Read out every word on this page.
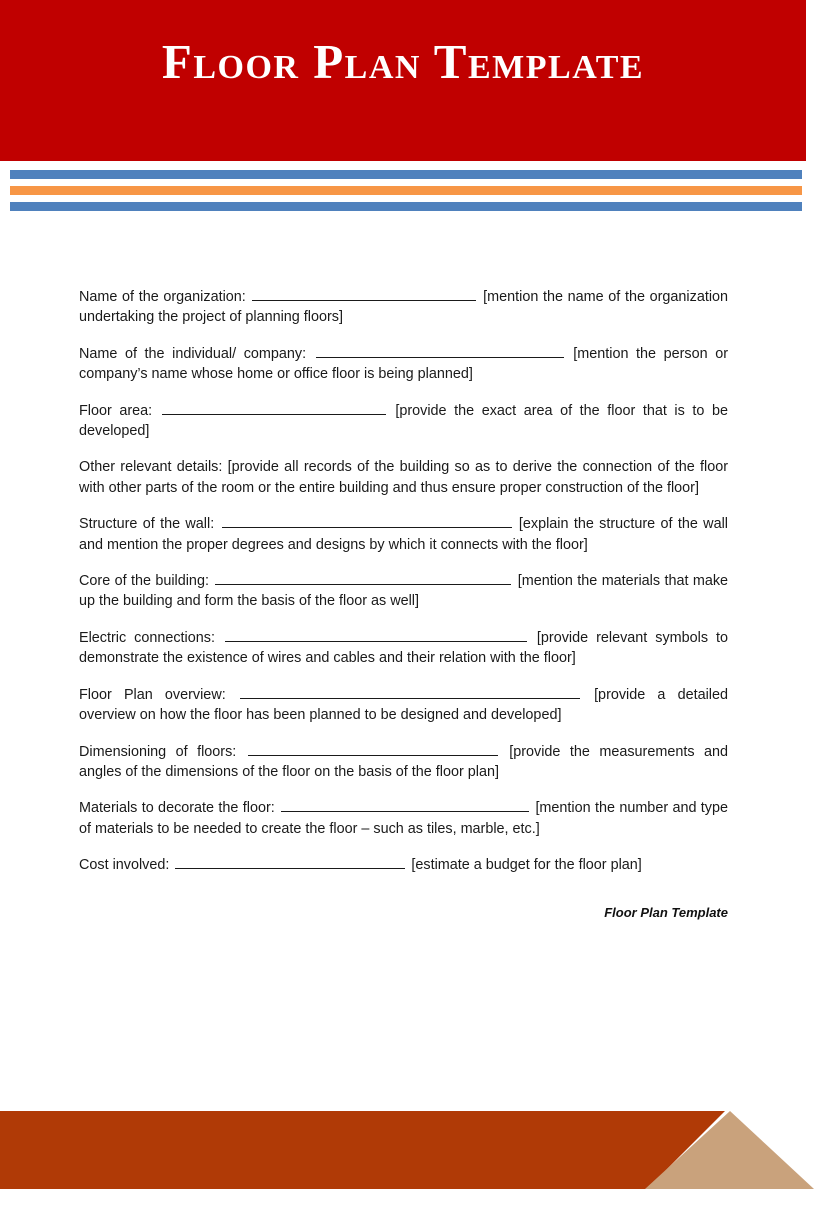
Floor Plan Template

Name of the organization:	[mention the name of the organization undertaking the project of planning floors]

Name of the individual/ company:	[mention the person or company’s name whose home or office floor is being planned]

Floor area:	[provide the exact area of the floor that is to be developed]

Other relevant details: [provide all records of the building so as to derive the connection of the floor with other parts of the room or the entire building and thus ensure proper construction of the floor]

Structure of the wall:	[explain the structure of the wall and mention the proper degrees and designs by which it connects with the floor]

Core of the building:	[mention the materials that make up the building and form the basis of the floor as well]

Electric connections:	[provide relevant symbols to demonstrate the existence of wires and cables and their relation with the floor]

Floor Plan overview:	[provide a detailed overview on how the floor has been planned to be designed and developed]

Dimensioning of floors:	[provide the measurements and angles of the dimensions of the floor on the basis of the floor plan]

Materials to decorate the floor:	[mention the number and type of materials to be needed to create the floor – such as tiles, marble, etc.]

Cost involved:	[estimate a budget for the floor plan]

Floor Plan Template
